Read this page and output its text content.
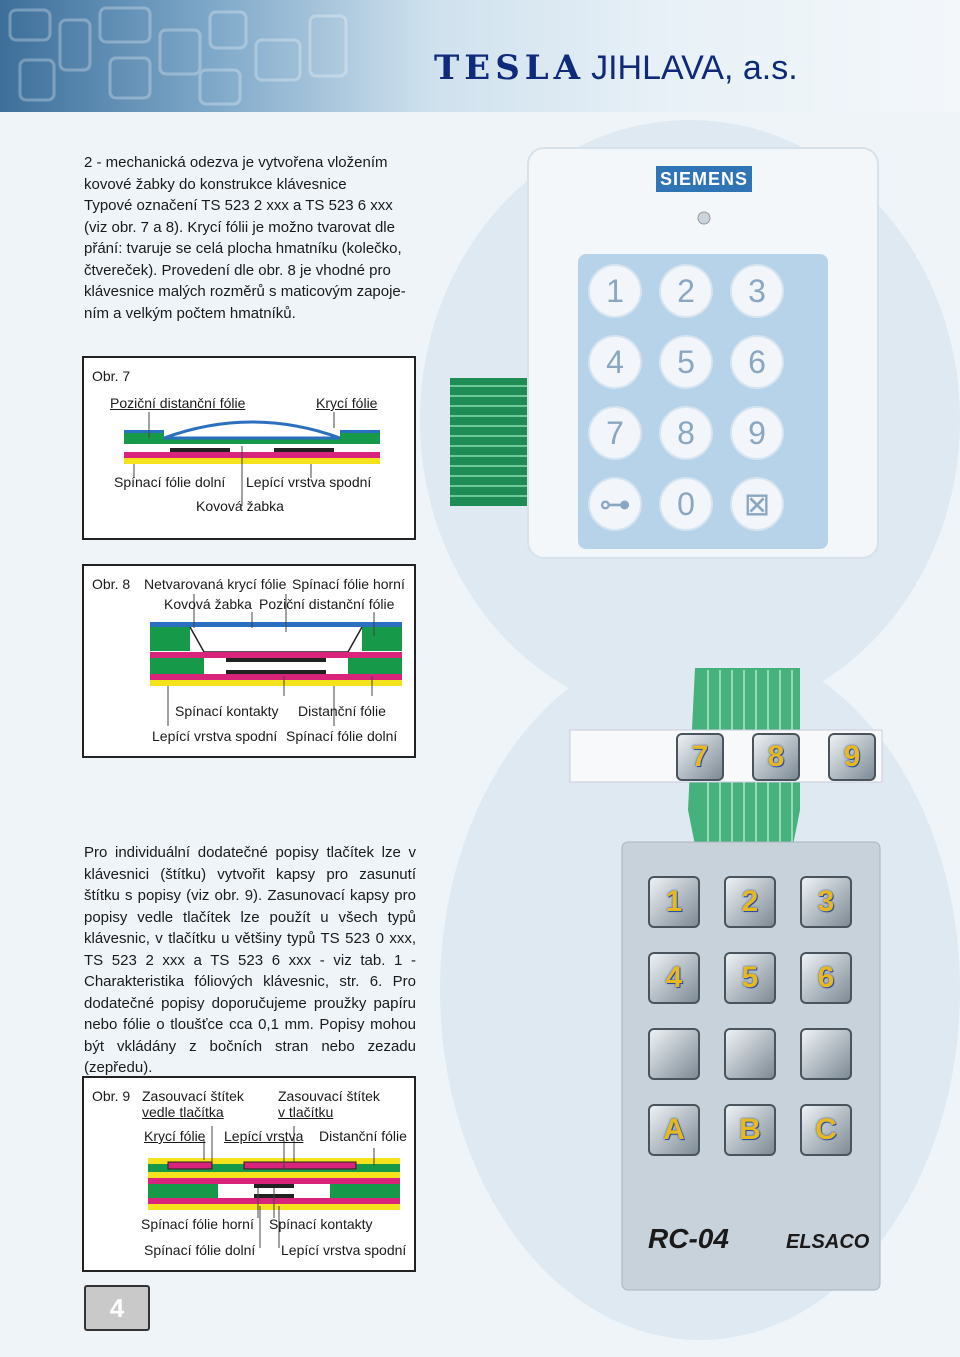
TESLA JIHLAVA, a.s.
2 - mechanická odezva je vytvořena vložením
kovové žabky do konstrukce klávesnice
Typové označení TS 523 2 xxx a TS 523 6 xxx
(viz obr. 7 a 8). Krycí fólii je možno tvarovat dle
přání: tvaruje se celá plocha hmatníku (kolečko,
čtvereček). Provedení dle obr. 8 je vhodné pro
klávesnice malých rozměrů s maticovým zapoje-
ním a velkým počtem hmatníků.
Poziční distanční fólie	Krycí fólie
Obr. 7
Spínací fólie dolní Lepící vrstva spodní
Kovová žabka
Obr. 8 Netvarovaná krycí fólie Spínací fólie horní
Kovová žabka Poziční distanční fólie
Spínací kontakty Distanční fólie
Lepící vrstva spodní Spínací fólie dolní
Pro individuální dodatečné popisy tlačítek lze v klávesnici (štítku) vytvořit kapsy pro zasunutí štítku s popisy (viz obr. 9). Zasunovací kapsy pro popisy vedle tlačítek lze použít u všech typů klávesnic, v tlačítku u většiny typů TS 523 0 xxx, TS 523 2 xxx a TS 523 6 xxx - viz tab. 1 - Charakteristika fóliových klávesnic, str. 6. Pro dodatečné popisy doporučujeme proužky papíru nebo fólie o tloušťce cca 0,1 mm. Popisy mohou být vkládány z bočních stran nebo zezadu (zepředu).
Obr. 9 Zasouvací štítek
vedle tlačítka
Zasouvací štítek
v tlačítku
Krycí fólie Lepící vrstva Distanční fólie
Spínací fólie horní Spínací kontakty
Spínací fólie dolní Lepící vrstva spodní
SIEMENS
1	2	3
4	5	6
7	8	9
⊶	0	⊠
RC-04	ELSACO
7	8	9
1	2	3
4	5	6
A	B	C
4
